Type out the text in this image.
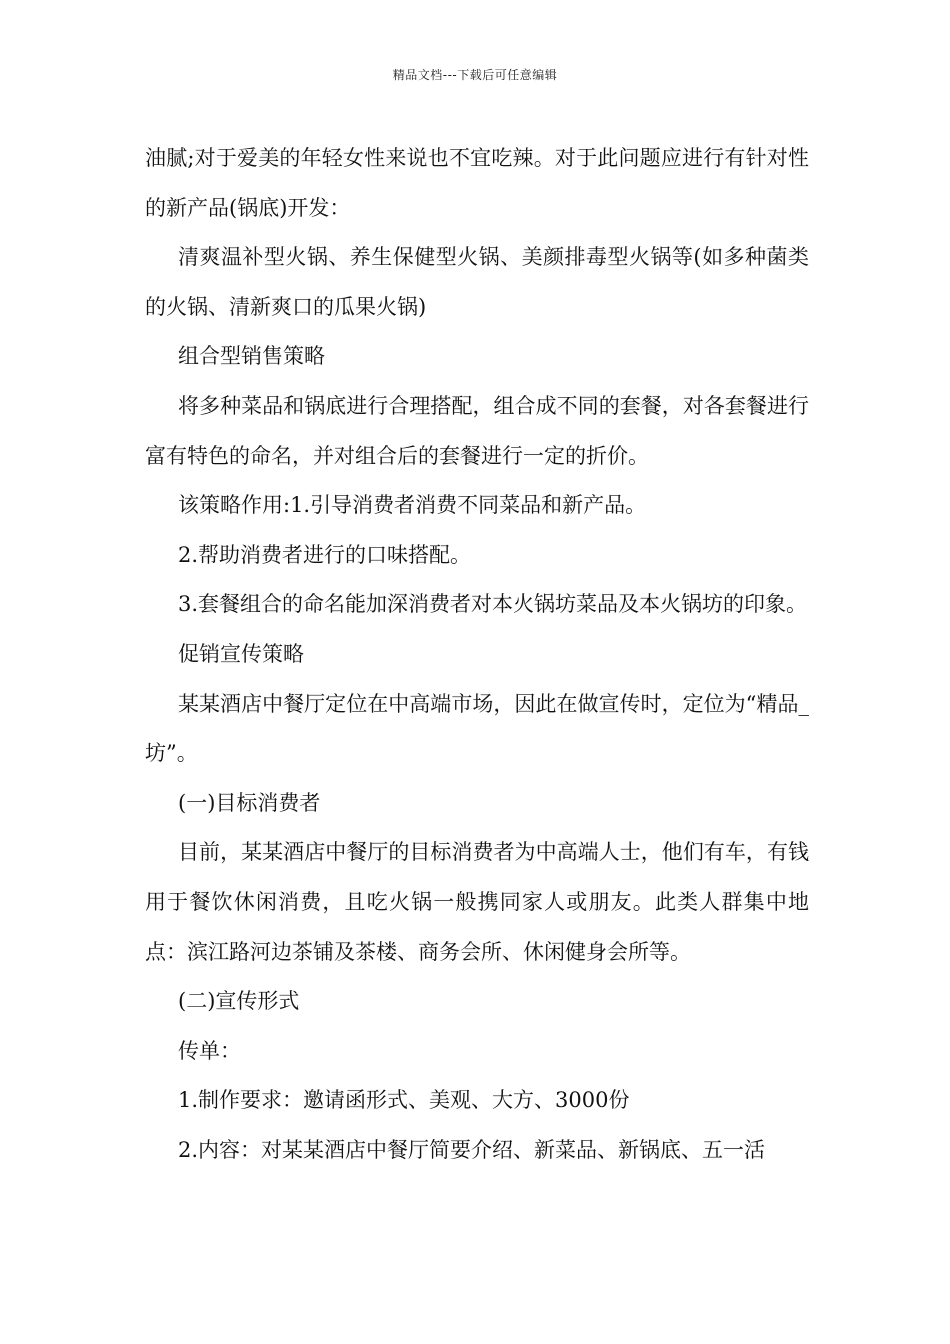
精品文档---下载后可任意编辑

油腻;对于爱美的年轻女性来说也不宜吃辣。对于此问题应进行有针对性的新产品(锅底)开发：

清爽温补型火锅、养生保健型火锅、美颜排毒型火锅等(如多种菌类的火锅、清新爽口的瓜果火锅)

组合型销售策略

将多种菜品和锅底进行合理搭配，组合成不同的套餐，对各套餐进行富有特色的命名，并对组合后的套餐进行一定的折价。

该策略作用:1.引导消费者消费不同菜品和新产品。

2.帮助消费者进行的口味搭配。

3.套餐组合的命名能加深消费者对本火锅坊菜品及本火锅坊的印象。

促销宣传策略

某某酒店中餐厅定位在中高端市场，因此在做宣传时，定位为“精品_坊”。

(一)目标消费者

目前，某某酒店中餐厅的目标消费者为中高端人士，他们有车，有钱用于餐饮休闲消费，且吃火锅一般携同家人或朋友。此类人群集中地点：滨江路河边茶铺及茶楼、商务会所、休闲健身会所等。

(二)宣传形式

传单：

1.制作要求：邀请函形式、美观、大方、3000份

2.内容：对某某酒店中餐厅简要介绍、新菜品、新锅底、五一活
